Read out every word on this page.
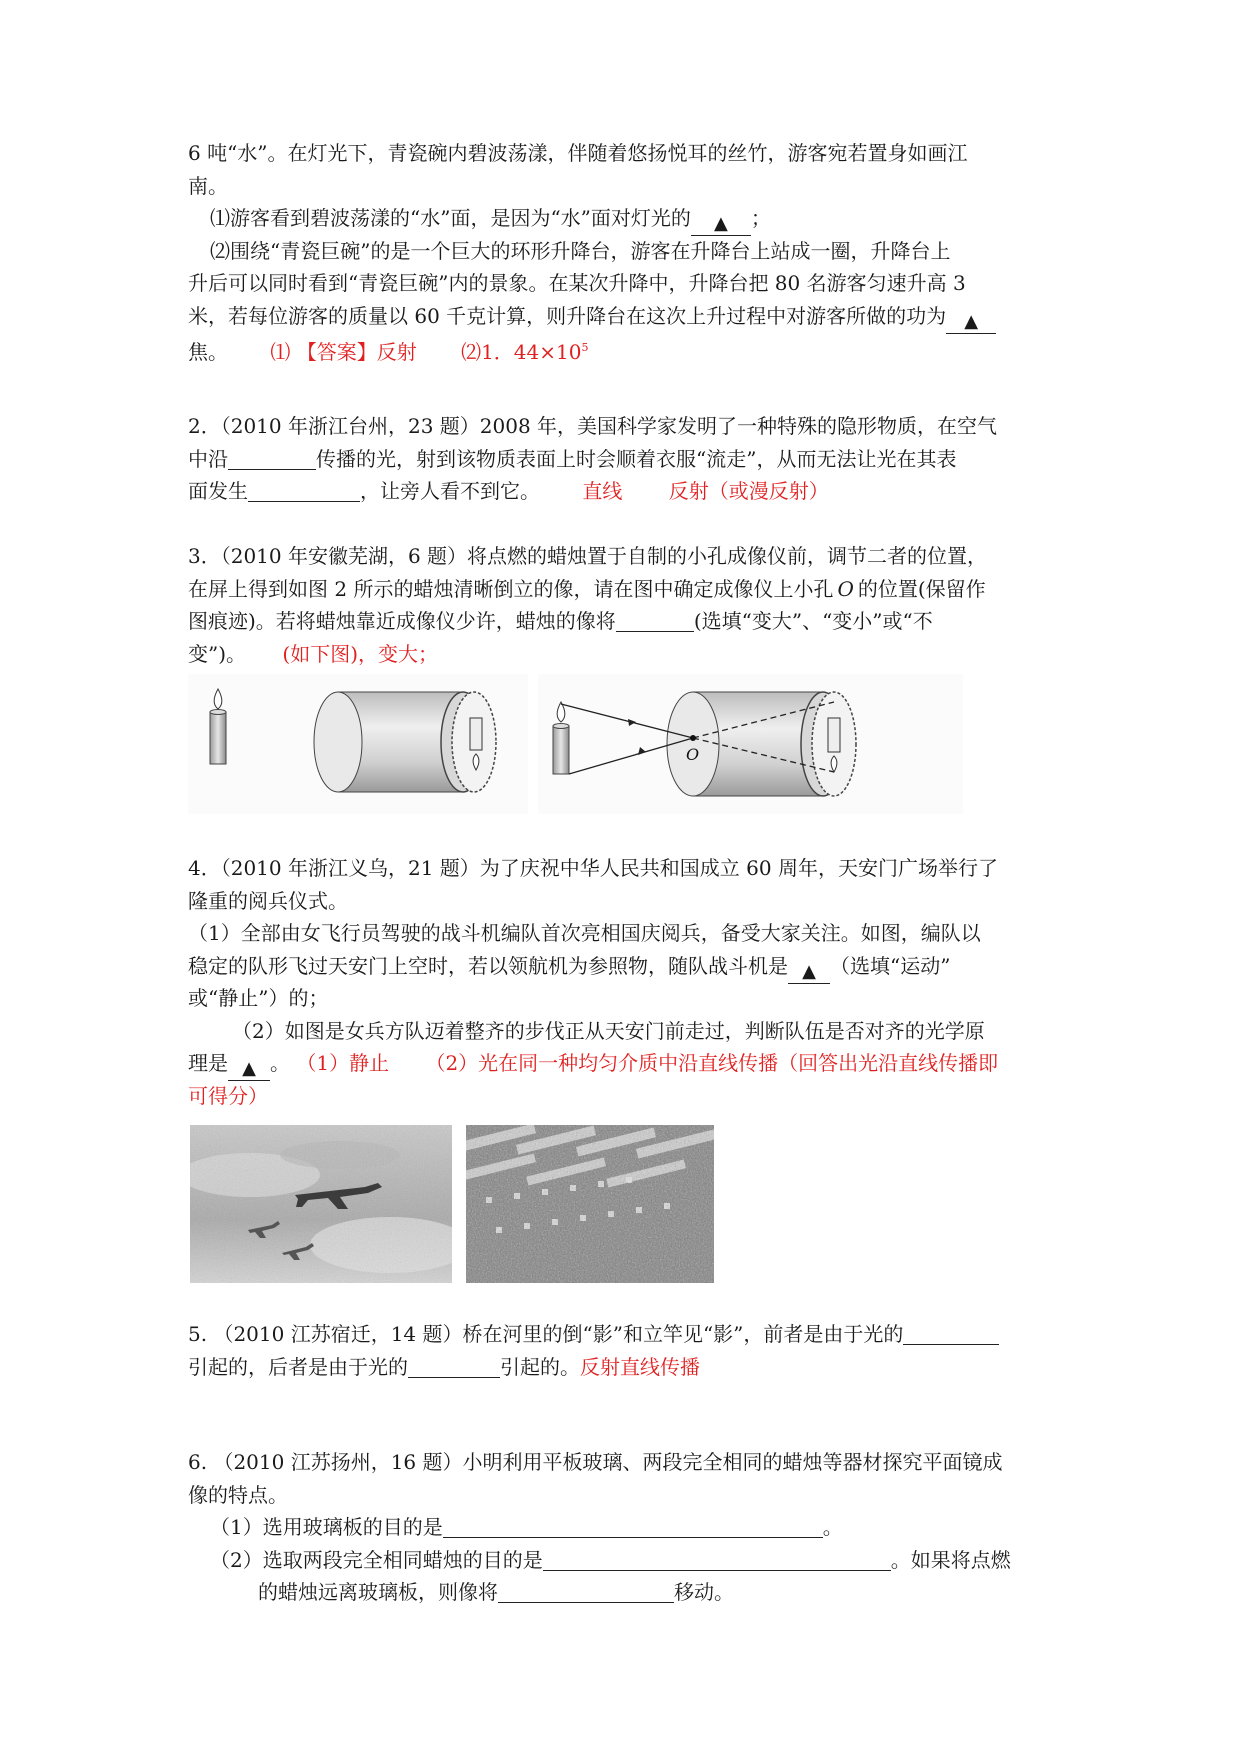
6 吨“水”。在灯光下，青瓷碗内碧波荡漾，伴随着悠扬悦耳的丝竹，游客宛若置身如画江
南。
⑴游客看到碧波荡漾的“水”面，是因为“水”面对灯光的 ▲ ；
⑵围绕“青瓷巨碗”的是一个巨大的环形升降台，游客在升降台上站成一圈，升降台上
升后可以同时看到“青瓷巨碗”内的景象。在某次升降中，升降台把 80 名游客匀速升高 3
米，若每位游客的质量以 60 千克计算，则升降台在这次上升过程中对游客所做的功为 ▲
焦。 ⑴ 【答案】反射 ⑵1．$44\times 10^5$
2．（2010 年浙江台州，23 题）2008 年，美国科学家发明了一种特殊的隐形物质，在空气
中沿	传播的光，射到该物质表面上时会顺着衣服“流走”，从而无法让光在其表
面发生	，让旁人看不到它。 直线 反射（或漫反射）
3．（2010 年安徽芜湖，6 题）将点燃的蜡烛置于自制的小孔成像仪前，调节二者的位置，
在屏上得到如图 2 所示的蜡烛清晰倒立的像，请在图中确定成像仪上小孔 O 的位置(保留作
图痕迹)。若将蜡烛靠近成像仪少许，蜡烛的像将	(选填“变大”、“变小”或“不
变”)。 (如下图)，变大；
O
4．（2010 年浙江义乌，21 题）为了庆祝中华人民共和国成立 60 周年，天安门广场举行了
隆重的阅兵仪式。
（1）全部由女飞行员驾驶的战斗机编队首次亮相国庆阅兵，备受大家关注。如图，编队以
稳定的队形飞过天安门上空时，若以领航机为参照物，随队战斗机是 ▲ （选填“运动”
或“静止”）的；
（2）如图是女兵方队迈着整齐的步伐正从天安门前走过，判断队伍是否对齐的光学原
理是 ▲ 。 （1）静止 （2）光在同一种均匀介质中沿直线传播（回答出光沿直线传播即
可得分）
5. （2010 江苏宿迁，14 题）桥在河里的倒“影”和立竿见“影”，前者是由于光的
引起的，后者是由于光的	引起的。反射直线传播
6. （2010 江苏扬州，16 题）小明利用平板玻璃、两段完全相同的蜡烛等器材探究平面镜成
像的特点。
（1）选用玻璃板的目的是	。
（2）选取两段完全相同蜡烛的目的是	。如果将点燃
的蜡烛远离玻璃板，则像将	移动。
